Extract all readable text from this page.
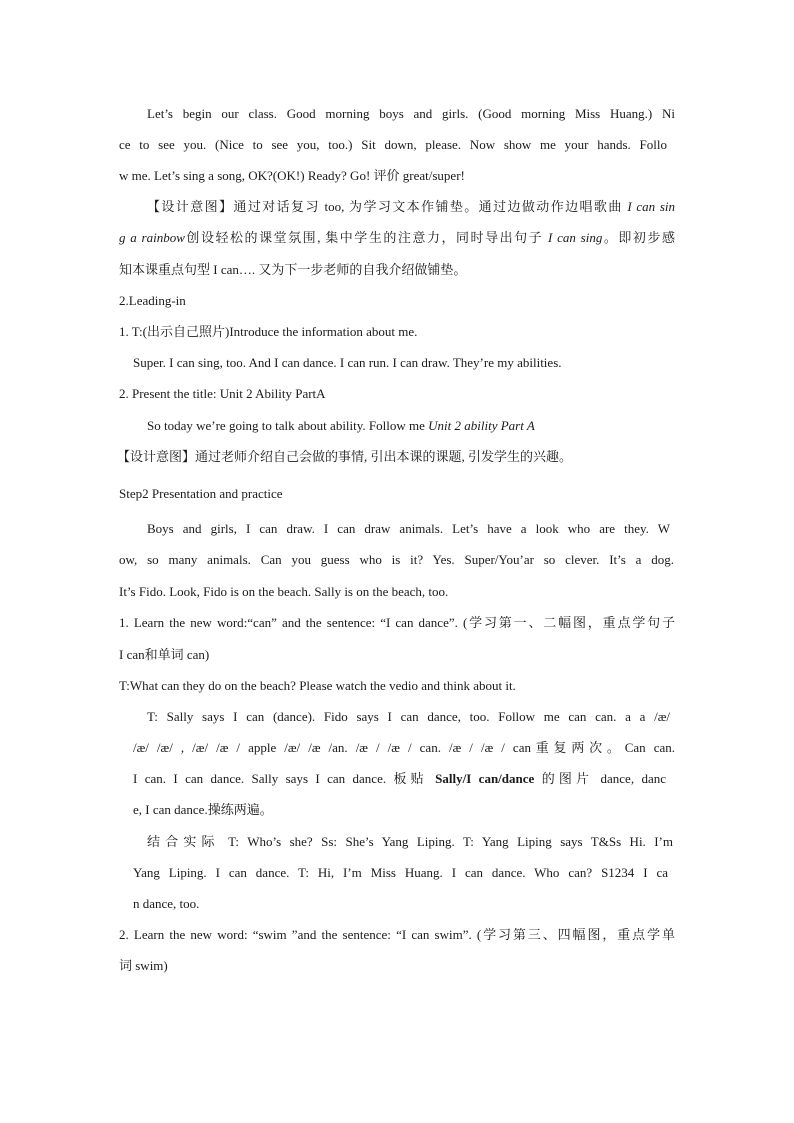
Let’s begin our class. Good morning boys and girls. (Good morning Miss Huang.) Ni
ce to see you. (Nice to see you, too.) Sit down, please. Now show me your hands. Follo
w me. Let’s sing a song, OK?(OK!) Ready? Go! 评价 great/super!
【设计意图】通过对话复习 too, 为学习文本作铺垫。通过边做动作边唱歌曲 I can sin
g a rainbow创设轻松的课堂氛围, 集中学生的注意力，同时导出句子 I can sing。即初步感
知本课重点句型 I can…. 又为下一步老师的自我介绍做铺垫。
2.Leading-in
1. T:(出示自己照片)Introduce the information about me.
Super. I can sing, too. And I can dance. I can run. I can draw. They’re my abilities.
2. Present the title: Unit 2 Ability PartA
So today we’re going to talk about ability. Follow me Unit 2 ability Part A
【设计意图】通过老师介绍自己会做的事情, 引出本课的课题, 引发学生的兴趣。
Step2 Presentation and practice
Boys and girls, I can draw. I can draw animals. Let’s have a look who are they. W
ow, so many animals. Can you guess who is it? Yes. Super/You’ar so clever. It’s a dog.
It’s Fido. Look, Fido is on the beach. Sally is on the beach, too.
1. Learn the new word:“can” and the sentence: “I can dance”. (学习第一、二幅图，重点学句子
I can和单词 can)
T:What can they do on the beach? Please watch the vedio and think about it.
T: Sally says I can (dance). Fido says I can dance, too. Follow me can can. a a /æ/
/æ/ /æ/ , /æ/ /æ / apple /æ/ /æ /an. /æ / /æ / can. /æ / /æ / can重复两次。Can can.
I can. I can dance. Sally says I can dance. 板贴 Sally/I can/dance 的图片 dance, danc
e, I can dance.操练两遍。
结合实际 T: Who’s she? Ss: She’s Yang Liping. T: Yang Liping says T&Ss Hi. I’m
Yang Liping. I can dance. T: Hi, I’m Miss Huang. I can dance. Who can? S1234 I ca
n dance, too.
2. Learn the new word: “swim ”and the sentence: “I can swim”. (学习第三、四幅图，重点学单
词 swim)
